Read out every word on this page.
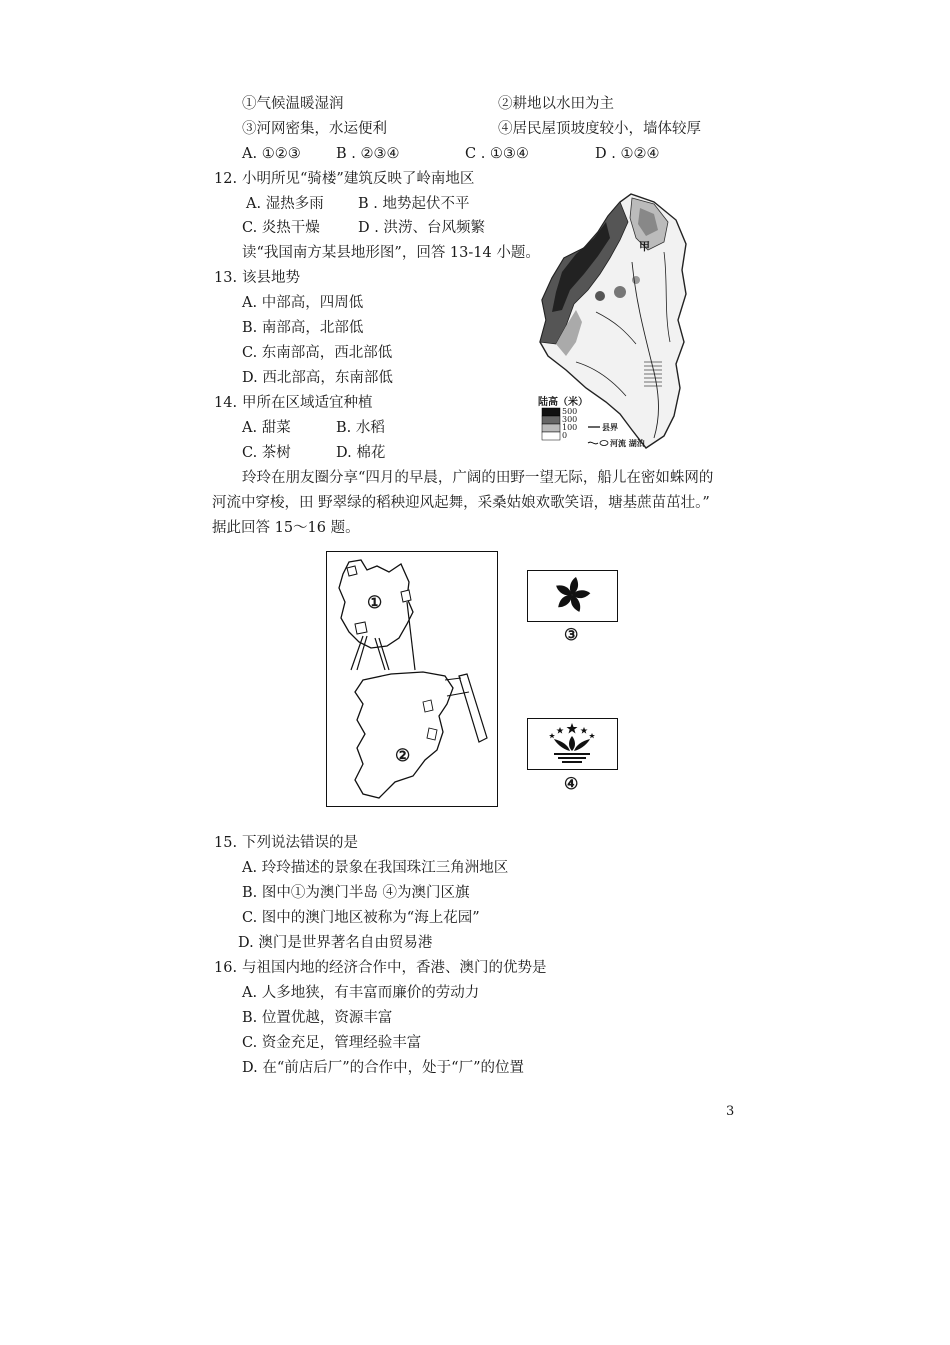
①气候温暖湿润	②耕地以水田为主
③河网密集，水运便利	④居民屋顶坡度较小，墙体较厚
A. ①②③ B . ②③④	C . ①③④	D . ①②④
12. 小明所见“骑楼”建筑反映了岭南地区
A. 湿热多雨 B . 地势起伏不平
C. 炎热干燥	D . 洪涝、台风频繁
读“我国南方某县地形图”，回答 13-14 小题。
13. 该县地势
A. 中部高，四周低
B. 南部高，北部低
C. 东南部高，西北部低
D. 西北部高，东南部低
14. 甲所在区域适宜种植
A. 甜菜	B. 水稻
C. 茶树	D. 棉花
陆高（米）
500
300
100
0
县界
河流 湖泊
甲
玲玲在朋友圈分享“四月的早晨，广阔的田野一望无际，船儿在密如蛛网的
河流中穿梭，田 野翠绿的稻秧迎风起舞，采桑姑娘欢歌笑语，塘基蔗苗茁壮。”
据此回答 15～16 题。
①
②
③
④
15. 下列说法错误的是
A. 玲玲描述的景象在我国珠江三角洲地区
B. 图中①为澳门半岛 ④为澳门区旗
C. 图中的澳门地区被称为“海上花园”
D. 澳门是世界著名自由贸易港
16. 与祖国内地的经济合作中，香港、澳门的优势是
A. 人多地狭，有丰富而廉价的劳动力
B. 位置优越，资源丰富
C. 资金充足，管理经验丰富
D. 在“前店后厂”的合作中，处于“厂”的位置
3
